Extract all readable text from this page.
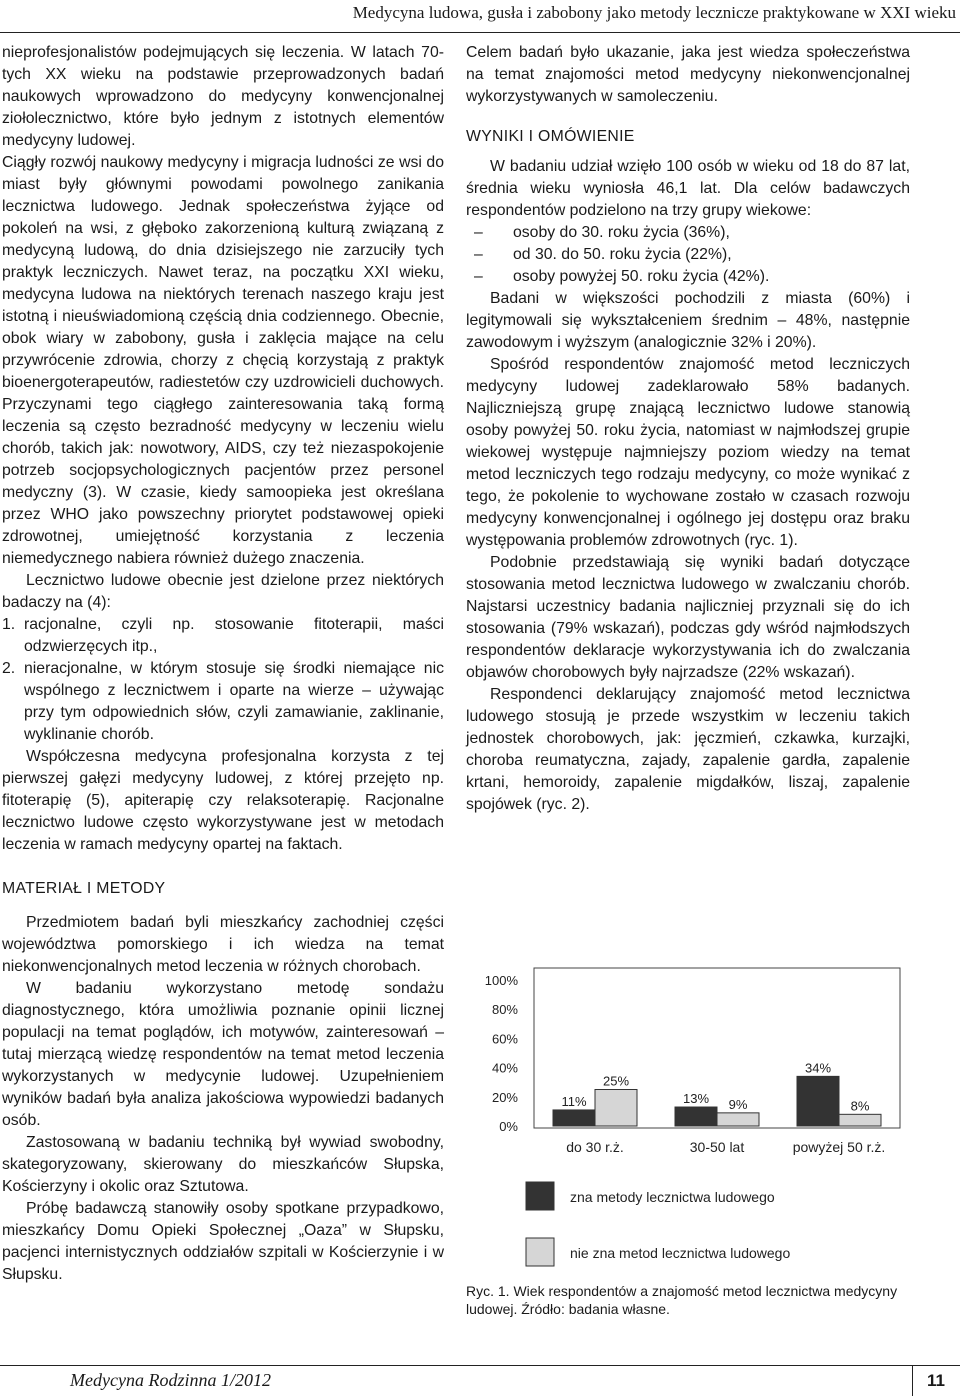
Medycyna ludowa, gusła i zabobony jako metody lecznicze praktykowane w XXI wieku

nieprofesjonalistów podejmujących się leczenia. W latach 70-tych XX wieku na podstawie przeprowadzonych badań naukowych wprowadzono do medycyny konwencjonalnej ziołolecznictwo, które było jednym z istotnych elementów medycyny ludowej.

Ciągły rozwój naukowy medycyny i migracja ludności ze wsi do miast były głównymi powodami powolnego zanikania lecznictwa ludowego. Jednak społeczeństwa żyjące od pokoleń na wsi, z głęboko zakorzenioną kulturą związaną z medycyną ludową, do dnia dzisiejszego nie zarzuciły tych praktyk leczniczych. Nawet teraz, na początku XXI wieku, medycyna ludowa na niektórych terenach naszego kraju jest istotną i nieuświadomioną częścią dnia codziennego. Obecnie, obok wiary w zabobony, gusła i zaklęcia mające na celu przywrócenie zdrowia, chorzy z chęcią korzystają z praktyk bioenergoterapeutów, radiestetów czy uzdrowicieli duchowych. Przyczynami tego ciągłego zainteresowania taką formą leczenia są często bezradność medycyny w leczeniu wielu chorób, takich jak: nowotwory, AIDS, czy też niezaspokojenie potrzeb socjopsychologicznych pacjentów przez personel medyczny (3). W czasie, kiedy samoopieka jest określana przez WHO jako powszechny priorytet podstawowej opieki zdrowotnej, umiejętność korzystania z leczenia niemedycznego nabiera również dużego znaczenia.

Lecznictwo ludowe obecnie jest dzielone przez niektórych badaczy na (4):

1. racjonalne, czyli np. stosowanie fitoterapii, maści odzwierzęcych itp.,
2. nieracjonalne, w którym stosuje się środki niemające nic wspólnego z lecznictwem i oparte na wierze – używając przy tym odpowiednich słów, czyli zamawianie, zaklinanie, wyklinanie chorób.

Współczesna medycyna profesjonalna korzysta z tej pierwszej gałęzi medycyny ludowej, z której przejęto np. fitoterapię (5), apiterapię czy relaksoterapię. Racjonalne lecznictwo ludowe często wykorzystywane jest w metodach leczenia w ramach medycyny opartej na faktach.

MATERIAŁ I METODY

Przedmiotem badań byli mieszkańcy zachodniej części województwa pomorskiego i ich wiedza na temat niekonwencjonalnych metod leczenia w różnych chorobach.

W badaniu wykorzystano metodę sondażu diagnostycznego, która umożliwia poznanie opinii licznej populacji na temat poglądów, ich motywów, zainteresowań – tutaj mierzącą wiedzę respondentów na temat metod leczenia wykorzystanych w medycynie ludowej. Uzupełnieniem wyników badań była analiza jakościowa wypowiedzi badanych osób.

Zastosowaną w badaniu techniką był wywiad swobodny, skategoryzowany, skierowany do mieszkańców Słupska, Kościerzyny i okolic oraz Sztutowa.

Próbę badawczą stanowiły osoby spotkane przypadkowo, mieszkańcy Domu Opieki Społecznej „Oaza” w Słupsku, pacjenci internistycznych oddziałów szpitali w Kościerzynie i w Słupsku.

Celem badań było ukazanie, jaka jest wiedza społeczeństwa na temat znajomości metod medycyny niekonwencjonalnej wykorzystywanych w samoleczeniu.

WYNIKI I OMÓWIENIE

W badaniu udział wzięło 100 osób w wieku od 18 do 87 lat, średnia wieku wyniosła 46,1 lat. Dla celów badawczych respondentów podzielono na trzy grupy wiekowe:

– osoby do 30. roku życia (36%),
– od 30. do 50. roku życia (22%),
– osoby powyżej 50. roku życia (42%).

Badani w większości pochodzili z miasta (60%) i legitymowali się wykształceniem średnim – 48%, następnie zawodowym i wyższym (analogicznie 32% i 20%).

Spośród respondentów znajomość metod leczniczych medycyny ludowej zadeklarowało 58% badanych. Najliczniejszą grupę znającą lecznictwo ludowe stanowią osoby powyżej 50. roku życia, natomiast w najmłodszej grupie wiekowej występuje najmniejszy poziom wiedzy na temat metod leczniczych tego rodzaju medycyny, co może wynikać z tego, że pokolenie to wychowane zostało w czasach rozwoju medycyny konwencjonalnej i ogólnego jej dostępu oraz braku występowania problemów zdrowotnych (ryc. 1).

Podobnie przedstawiają się wyniki badań dotyczące stosowania metod lecznictwa ludowego w zwalczaniu chorób. Najstarsi uczestnicy badania najliczniej przyznali się do ich stosowania (79% wskazań), podczas gdy wśród najmłodszych respondentów deklaracje wykorzystywania ich do zwalczania objawów chorobowych były najrzadsze (22% wskazań).

Respondenci deklarujący znajomość metod lecznictwa ludowego stosują je przede wszystkim w leczeniu takich jednostek chorobowych, jak: jęczmień, czkawka, kurzajki, choroba reumatyczna, zajady, zapalenie gardła, zapalenie krtani, hemoroidy, zapalenie migdałków, liszaj, zapalenie spojówek (ryc. 2).

0%
20%
40%
60%
80%
100%
11%
25%
13% 9%
34%
8%
do 30 r.ż.	30-50 lat	powyżej 50 r.ż.
zna metody lecznictwa ludowego
nie zna metod lecznictwa ludowego
Ryc. 1. Wiek respondentów a znajomość metod lecznictwa medycyny ludowej. Źródło: badania własne.
Medycyna Rodzinna 1/2012	11
